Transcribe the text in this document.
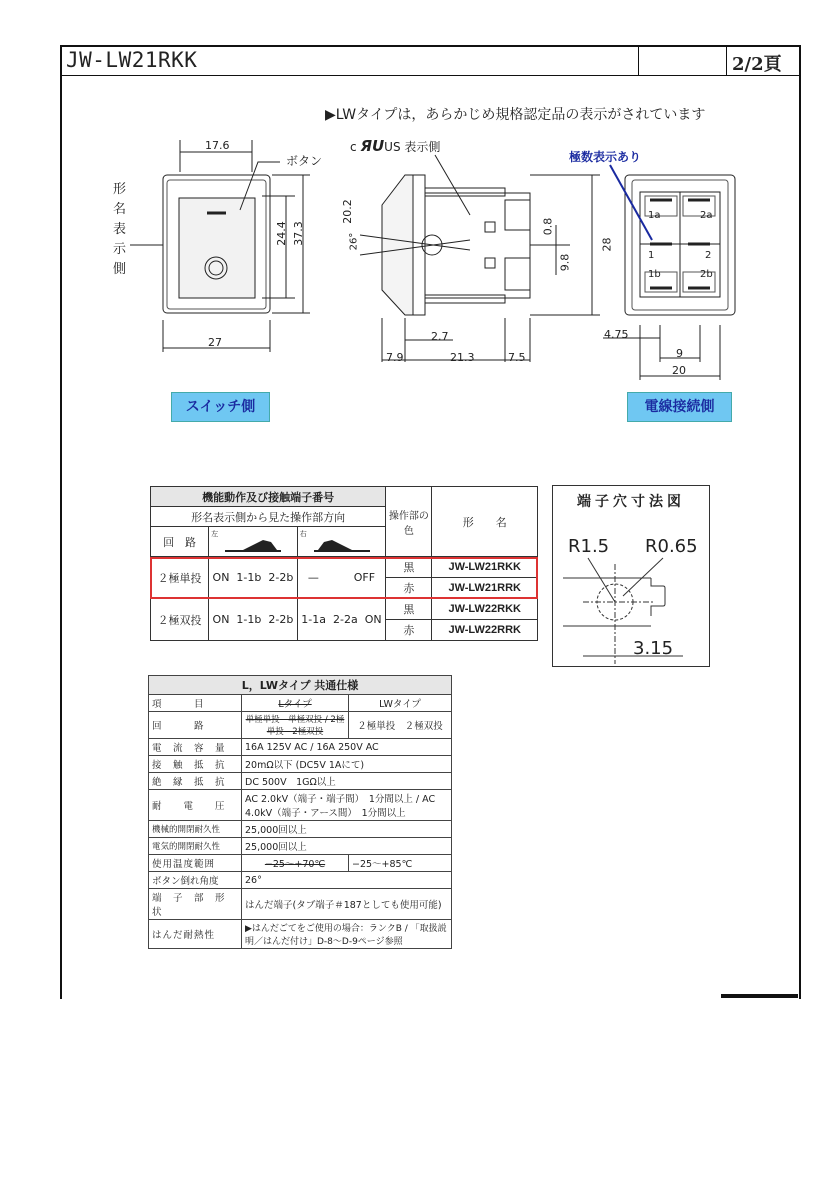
JW-LW21RKK	2/2頁
▶LWタイプは，あらかじめ規格認定品の表示がされています
17.6
24.4 37.3
27
ボタン
形名表示側
c ЯUUS 表示側
20.2
26°
0.8
9.8
28
2.7
7.9	21.3	7.5
極数表示あり
1a	2a
1	2
1b	2b
4.75
9
20
スイッチ側	電線接続側
機能動作及び接触端子番号			操作部の色	形　　名
形名表示側から見た操作部方向				
回　路	左	右		

２極単投	ON  1-1b  2-2b	—          OFF	黒	JW-LW21RKK
			赤	JW-LW21RRK
２極双投	ON  1-1b  2-2b	1-1a  2-2a  ON	黒	JW-LW22RKK
			赤	JW-LW22RRK
端子穴寸法図
R1.5 R0.65
3.15
L，LWタイプ 共通仕様		
項　　　目	Lタイプ	LWタイプ
回　　　路	単極単投　単極双投 / 2極単投　2極双投	２極単投　２極双投
電　流　容　量	16A 125V AC / 16A 250V AC	
接　触　抵　抗	20mΩ以下 (DC5V 1Aにて)	
絶　縁　抵　抗	DC 500V　1GΩ以上	
耐　　電　　圧	AC 2.0kV（端子・端子間）　1分間以上 / AC 4.0kV（端子・アース間）　1分間以上	
機械的開閉耐久性	25,000回以上	
電気的開閉耐久性	25,000回以上	
使用温度範囲	−25～+70℃	−25～+85℃
ボタン倒れ角度	26°	
端　子　部　形　状	はんだ端子(タブ端子＃187としても使用可能)	
はんだ耐熱性	▶はんだごてをご使用の場合：ランクB / 「取扱説明／はんだ付け」D-8～D-9ページ参照	
